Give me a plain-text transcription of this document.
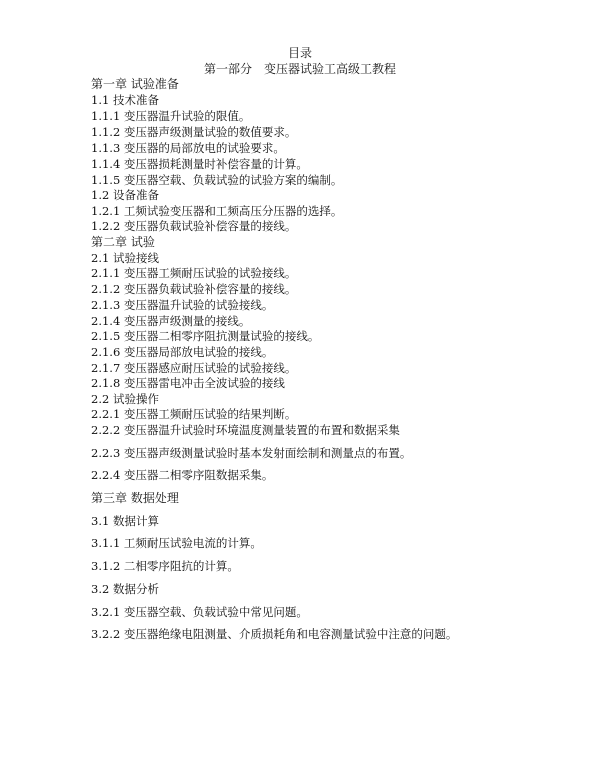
目录
第一部分　变压器试验工高级工教程
第一章 试验准备
1.1 技术准备
1.1.1 变压器温升试验的限值。
1.1.2 变压器声级测量试验的数值要求。
1.1.3 变压器的局部放电的试验要求。
1.1.4 变压器损耗测量时补偿容量的计算。
1.1.5 变压器空载、负载试验的试验方案的编制。
1.2 设备准备
1.2.1 工频试验变压器和工频高压分压器的选择。
1.2.2 变压器负载试验补偿容量的接线。
第二章 试验
2.1 试验接线
2.1.1 变压器工频耐压试验的试验接线。
2.1.2 变压器负载试验补偿容量的接线。
2.1.3 变压器温升试验的试验接线。
2.1.4 变压器声级测量的接线。
2.1.5 变压器二相零序阻抗测量试验的接线。
2.1.6 变压器局部放电试验的接线。
2.1.7 变压器感应耐压试验的试验接线。
2.1.8 变压器雷电冲击全波试验的接线
2.2 试验操作
2.2.1 变压器工频耐压试验的结果判断。
2.2.2 变压器温升试验时环境温度测量装置的布置和数据采集
2.2.3 变压器声级测量试验时基本发射面绘制和测量点的布置。
2.2.4 变压器二相零序阻数据采集。
第三章 数据处理
3.1 数据计算
3.1.1 工频耐压试验电流的计算。
3.1.2 二相零序阻抗的计算。
3.2 数据分析
3.2.1 变压器空载、负载试验中常见问题。
3.2.2 变压器绝缘电阻测量、介质损耗角和电容测量试验中注意的问题。
